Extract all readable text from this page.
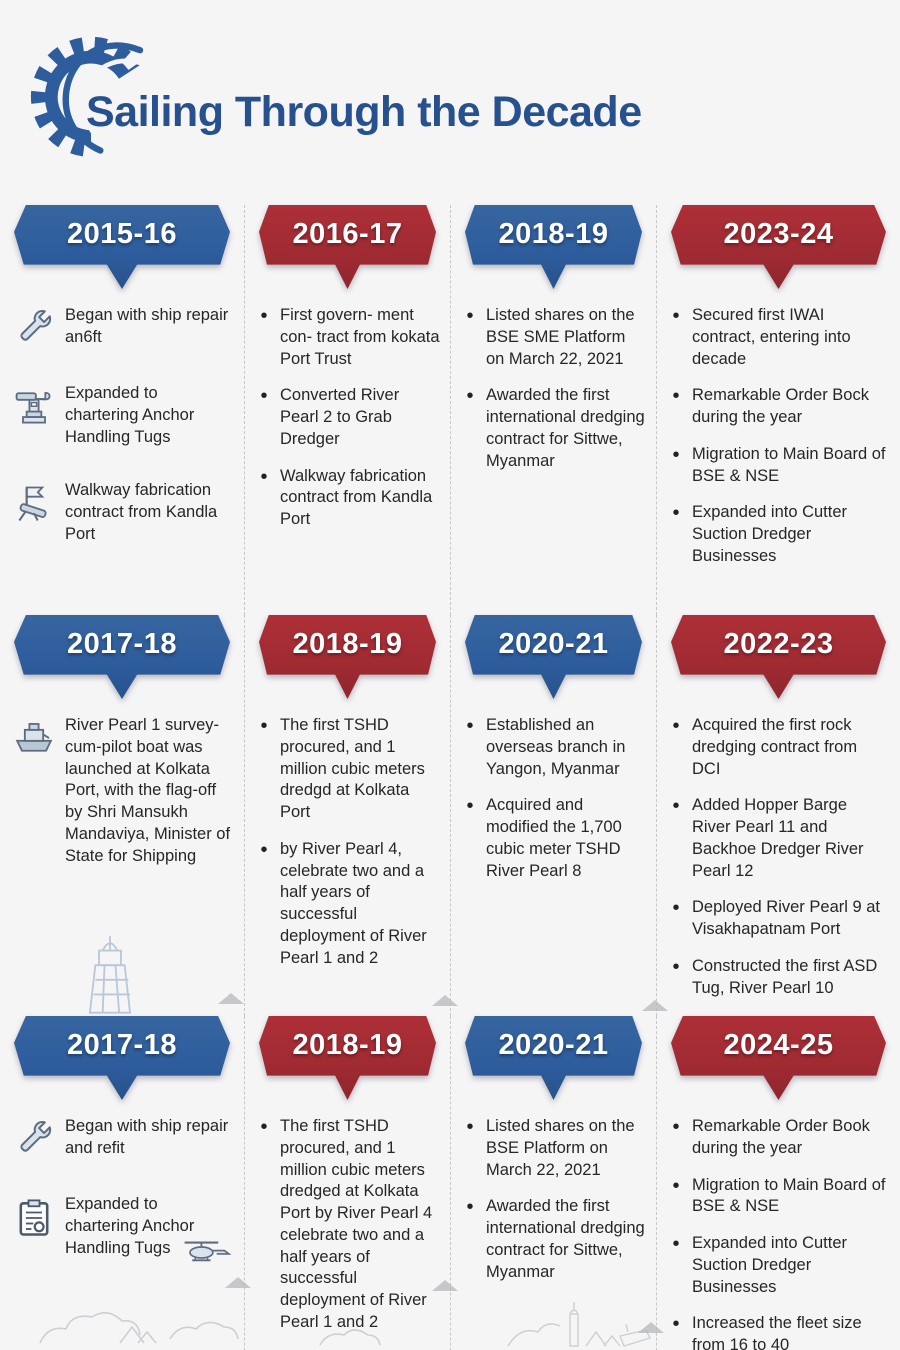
Sailing Through the Decade
2015-16
Began with ship repair an6ft
Expanded to chartering Anchor Handling Tugs
Walkway fabrication contract from Kandla Port
2016-17
• First govern- ment con- tract from kokata Port Trust
• Converted River Pearl 2 to Grab Dredger
• Walkway fabrication contract from Kandla Port
2018-19
• Listed shares on the BSE SME Platform on March 22, 2021
• Awarded the first international dredging contract for Sittwe, Myanmar
2023-24
• Secured first IWAI contract, entering into decade
• Remarkable Order Bock during the year
• Migration to Main Board of BSE & NSE
• Expanded into Cutter Suction Dredger Businesses
2017-18
River Pearl 1 survey-cum-pilot boat was launched at Kolkata Port, with the flag-off by Shri Mansukh Mandaviya, Minister of State for Shipping
2018-19
• The first TSHD procured, and 1 million cubic meters dredgd at Kolkata Port
• by River Pearl 4, celebrate two and a half years of successful deployment of River Pearl 1 and 2
2020-21
• Established an overseas branch in Yangon, Myanmar
• Acquired and modified the 1,700 cubic meter TSHD River Pearl 8
2022-23
• Acquired the first rock dredging contract from DCI
• Added Hopper Barge River Pearl 11 and Backhoe Dredger River Pearl 12
• Deployed River Pearl 9 at Visakhapatnam Port
• Constructed the first ASD Tug, River Pearl 10
2017-18
Began with ship repair and refit
Expanded to chartering Anchor Handling Tugs
2018-19
• The first TSHD procured, and 1 million cubic meters dredged at Kolkata Port by River Pearl 4 celebrate two and a half years of successful deployment of River Pearl 1 and 2
2020-21
• Listed shares on the BSE Platform on March 22, 2021
• Awarded the first international dredging contract for Sittwe, Myanmar
2024-25
• Remarkable Order Book during the year
• Migration to Main Board of BSE & NSE
• Expanded into Cutter Suction Dredger Businesses
• Increased the fleet size from 16 to 40
